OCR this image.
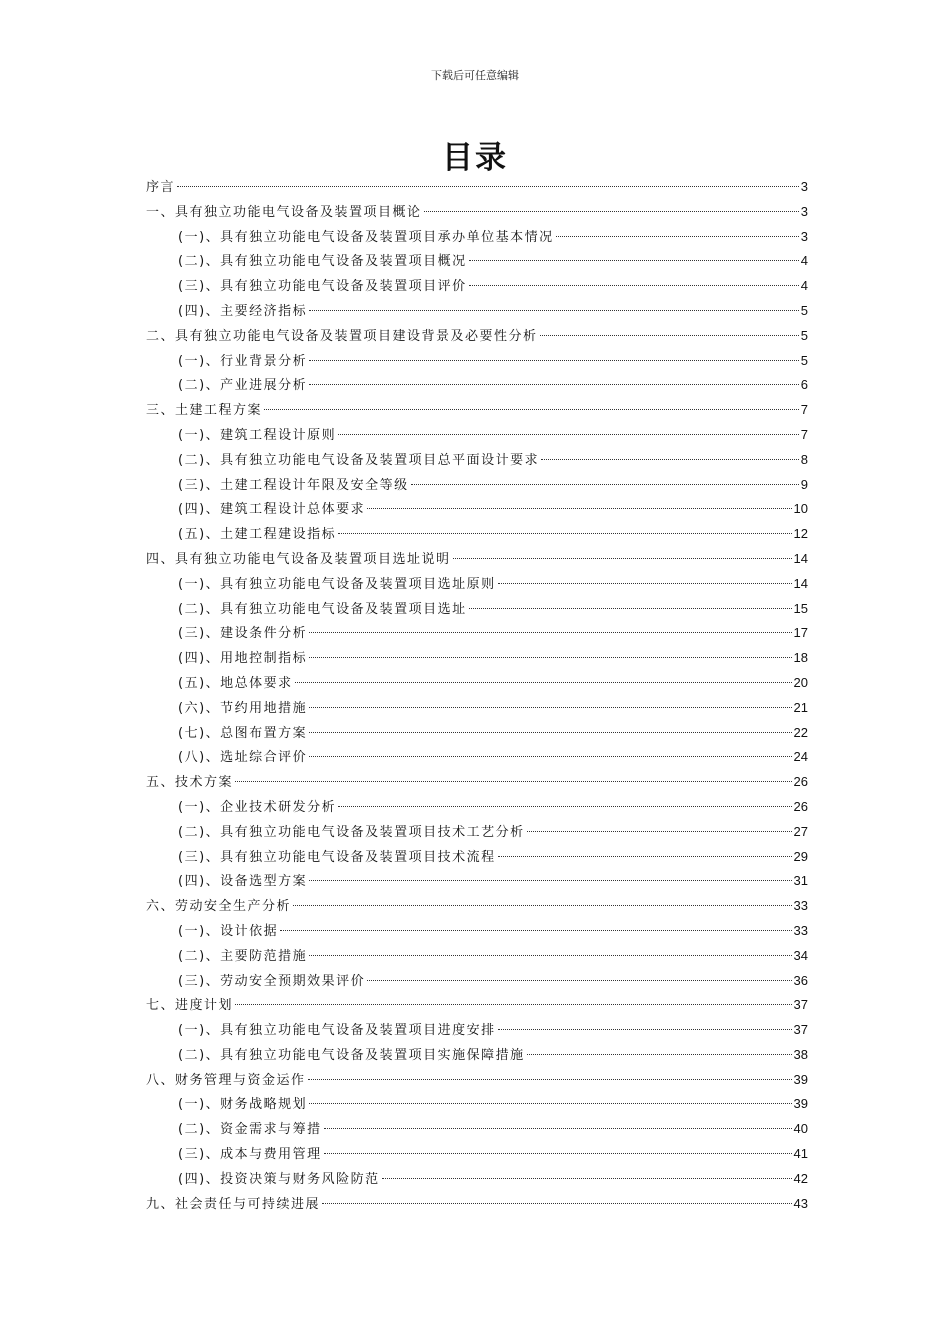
下载后可任意编辑
目录
序言	3
一、具有独立功能电气设备及装置项目概论	3
(一)、具有独立功能电气设备及装置项目承办单位基本情况	3
(二)、具有独立功能电气设备及装置项目概况	4
(三)、具有独立功能电气设备及装置项目评价	4
(四)、主要经济指标	5
二、具有独立功能电气设备及装置项目建设背景及必要性分析	5
(一)、行业背景分析	5
(二)、产业进展分析	6
三、土建工程方案	7
(一)、建筑工程设计原则	7
(二)、具有独立功能电气设备及装置项目总平面设计要求	8
(三)、土建工程设计年限及安全等级	9
(四)、建筑工程设计总体要求	10
(五)、土建工程建设指标	12
四、具有独立功能电气设备及装置项目选址说明	14
(一)、具有独立功能电气设备及装置项目选址原则	14
(二)、具有独立功能电气设备及装置项目选址	15
(三)、建设条件分析	17
(四)、用地控制指标	18
(五)、地总体要求	20
(六)、节约用地措施	21
(七)、总图布置方案	22
(八)、选址综合评价	24
五、技术方案	26
(一)、企业技术研发分析	26
(二)、具有独立功能电气设备及装置项目技术工艺分析	27
(三)、具有独立功能电气设备及装置项目技术流程	29
(四)、设备选型方案	31
六、劳动安全生产分析	33
(一)、设计依据	33
(二)、主要防范措施	34
(三)、劳动安全预期效果评价	36
七、进度计划	37
(一)、具有独立功能电气设备及装置项目进度安排	37
(二)、具有独立功能电气设备及装置项目实施保障措施	38
八、财务管理与资金运作	39
(一)、财务战略规划	39
(二)、资金需求与筹措	40
(三)、成本与费用管理	41
(四)、投资决策与财务风险防范	42
九、社会责任与可持续进展	43
